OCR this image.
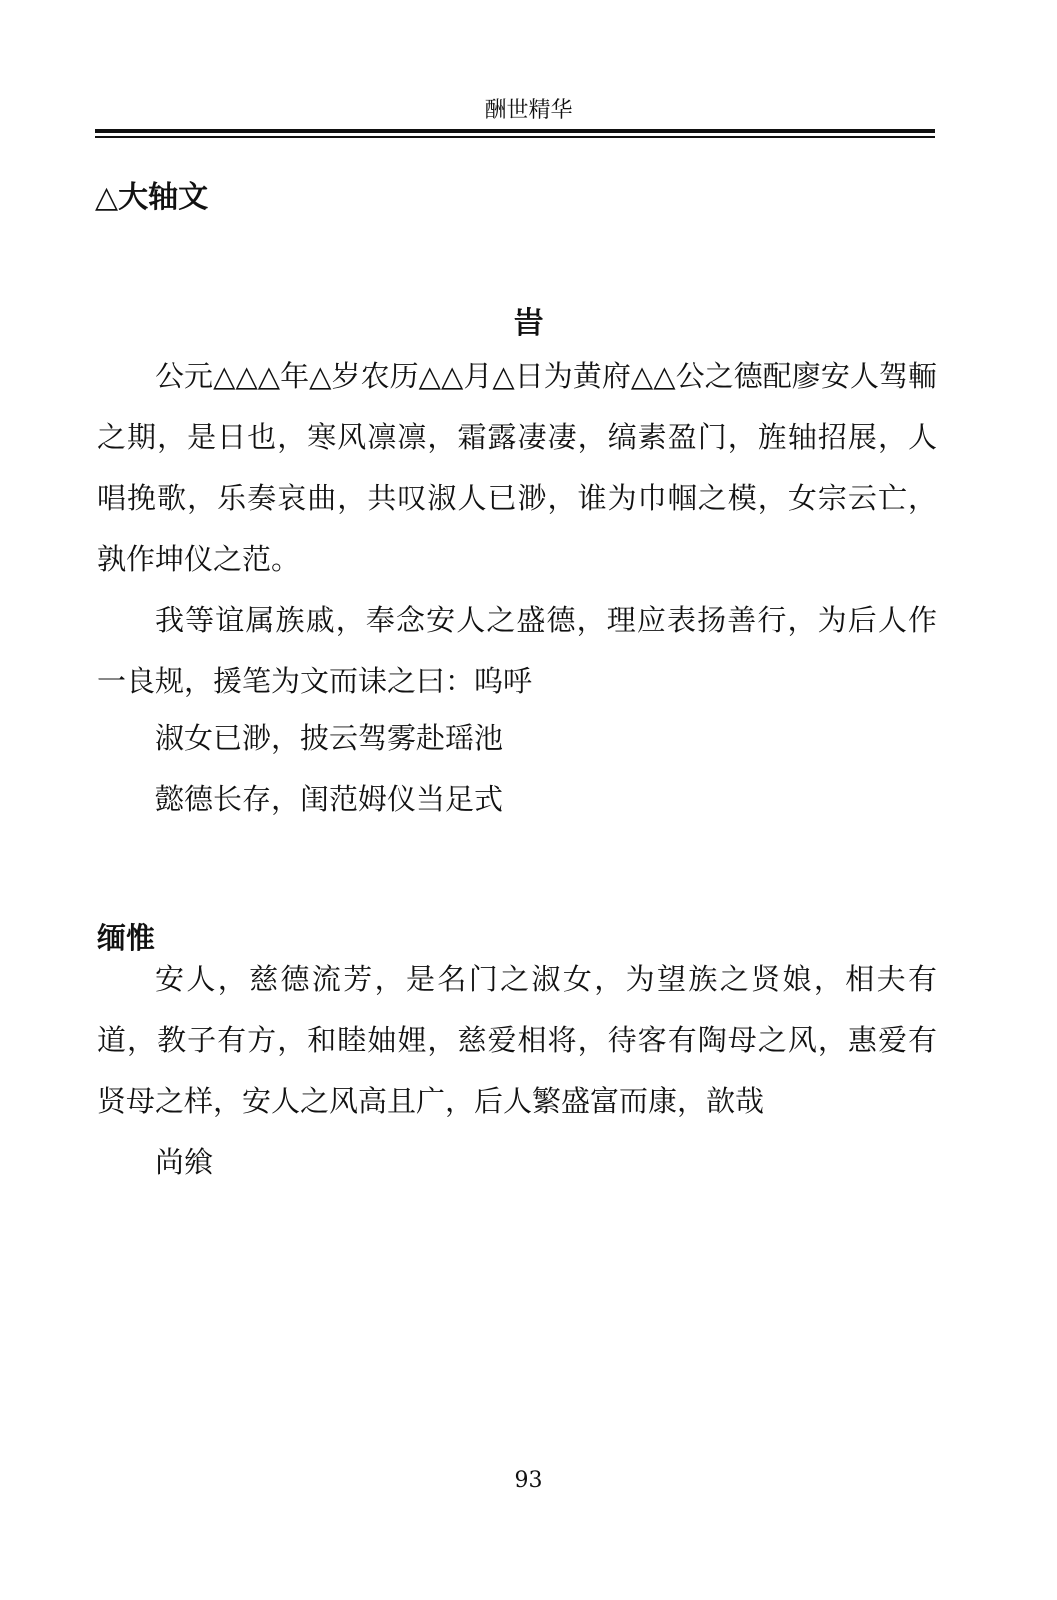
酬世精华
△大轴文
旹

公元△△△年△岁农历△△月△日为黄府△△公之德配廖安人驾輀之期，是日也，寒风凛凛，霜露凄凄，缟素盈门，旌轴招展，人唱挽歌，乐奏哀曲，共叹淑人已渺，谁为巾帼之模，女宗云亡，孰作坤仪之范。

我等谊属族戚，奉念安人之盛德，理应表扬善行，为后人作一良规，援笔为文而诔之曰：呜呼

淑女已渺，披云驾雾赴瑶池
懿德长存，闺范姆仪当足式
缅惟

安人，慈德流芳，是名门之淑女，为望族之贤娘，相夫有道，教子有方，和睦妯娌，慈爱相将，待客有陶母之风，惠爱有贤母之样，安人之风高且广，后人繁盛富而康，歆哉

尚飨
93
